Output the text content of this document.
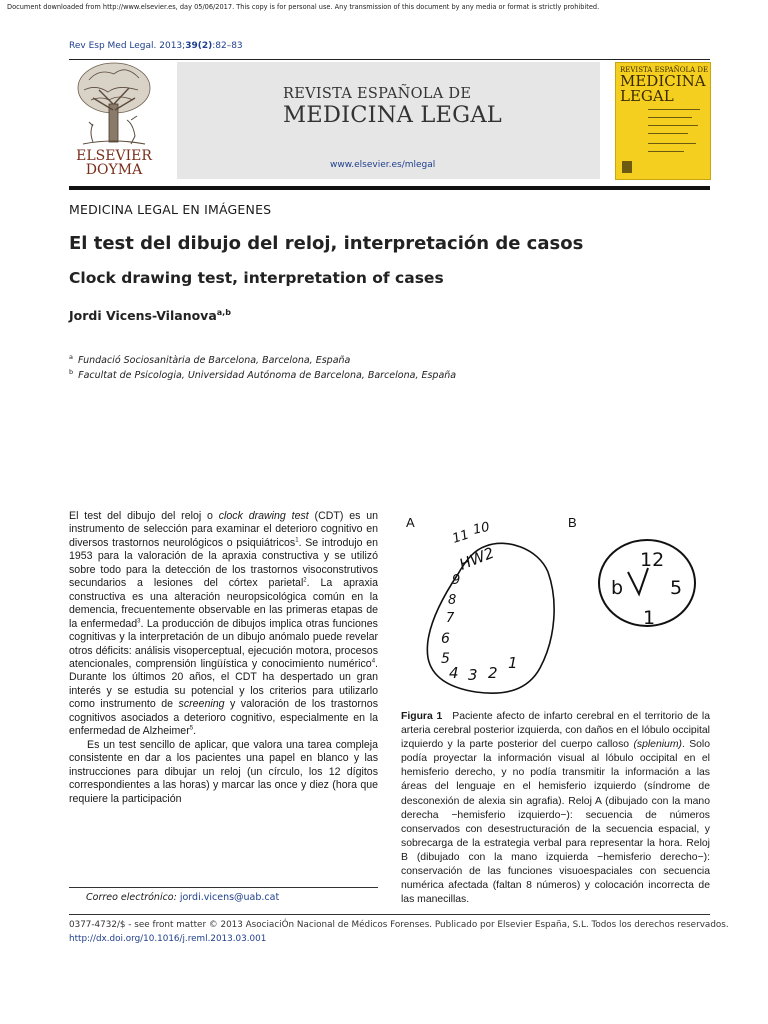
Document downloaded from http://www.elsevier.es, day 05/06/2017. This copy is for personal use. Any transmission of this document by any media or format is strictly prohibited.
Rev Esp Med Legal. 2013;39(2):82–83
ELSEVIER
DOYMA
REVISTA ESPAÑOLA DE
MEDICINA LEGAL
www.elsevier.es/mlegal
REVISTA ESPAÑOLA DE
MEDICINA
LEGAL
MEDICINA LEGAL EN IMÁGENES
El test del dibujo del reloj, interpretación de casos
Clock drawing test, interpretation of cases
Jordi Vicens-Vilanova$^{a,b}$
$^a$ Fundació Sociosanitària de Barcelona, Barcelona, España
$^b$ Facultat de Psicologia, Universidad Autónoma de Barcelona, Barcelona, España

El test del dibujo del reloj o clock drawing test (CDT) es un instrumento de selección para examinar el deterioro cognitivo en diversos trastornos neurológicos o psiquiátricos$^1$. Se introdujo en 1953 para la valoración de la apraxia constructiva y se utilizó sobre todo para la detección de los trastornos visoconstrutivos secundarios a lesiones del córtex parietal$^2$. La apraxia constructiva es una alteración neuropsicológica común en la demencia, frecuentemente observable en las primeras etapas de la enfermedad$^3$. La producción de dibujos implica otras funciones cognitivas y la interpretación de un dibujo anómalo puede revelar otros déficits: análisis visoperceptual, ejecución motora, procesos atencionales, comprensión lingüística y conocimiento numérico$^4$. Durante los últimos 20 años, el CDT ha despertado un gran interés y se estudia su potencial y los criterios para utilizarlo como instrumento de screening y valoración de los trastornos cognitivos asociados a deterioro cognitivo, especialmente en la enfermedad de Alzheimer$^5$.

Es un test sencillo de aplicar, que valora una tarea compleja consistente en dar a los pacientes una papel en blanco y las instrucciones para dibujar un reloj (un círculo, los 12 dígitos correspondientes a las horas) y marcar las once y diez (hora que requiere la participación

Correo electrónico: jordi.vicens@uab.cat
A	B
11 10
HW2
9
8
7
6
5
4 3 2
1
12
b 5
1
Figura 1 Paciente afecto de infarto cerebral en el territorio de la arteria cerebral posterior izquierda, con daños en el lóbulo occipital izquierdo y la parte posterior del cuerpo calloso (splenium). Solo podía proyectar la información visual al lóbulo occipital en el hemisferio derecho, y no podía transmitir la información a las áreas del lenguaje en el hemisferio izquierdo (síndrome de desconexión de alexia sin agrafia). Reloj A (dibujado con la mano derecha −hemisferio izquierdo−): secuencia de números conservados con desestructuración de la secuencia espacial, y sobrecarga de la estrategia verbal para representar la hora. Reloj B (dibujado con la mano izquierda −hemisferio derecho−): conservación de las funciones visuoespaciales con secuencia numérica afectada (faltan 8 números) y colocación incorrecta de las manecillas.
0377-4732/$ - see front matter © 2013 AsociaciÓn Nacional de Médicos Forenses. Publicado por Elsevier España, S.L. Todos los derechos reservados.
http://dx.doi.org/10.1016/j.reml.2013.03.001
